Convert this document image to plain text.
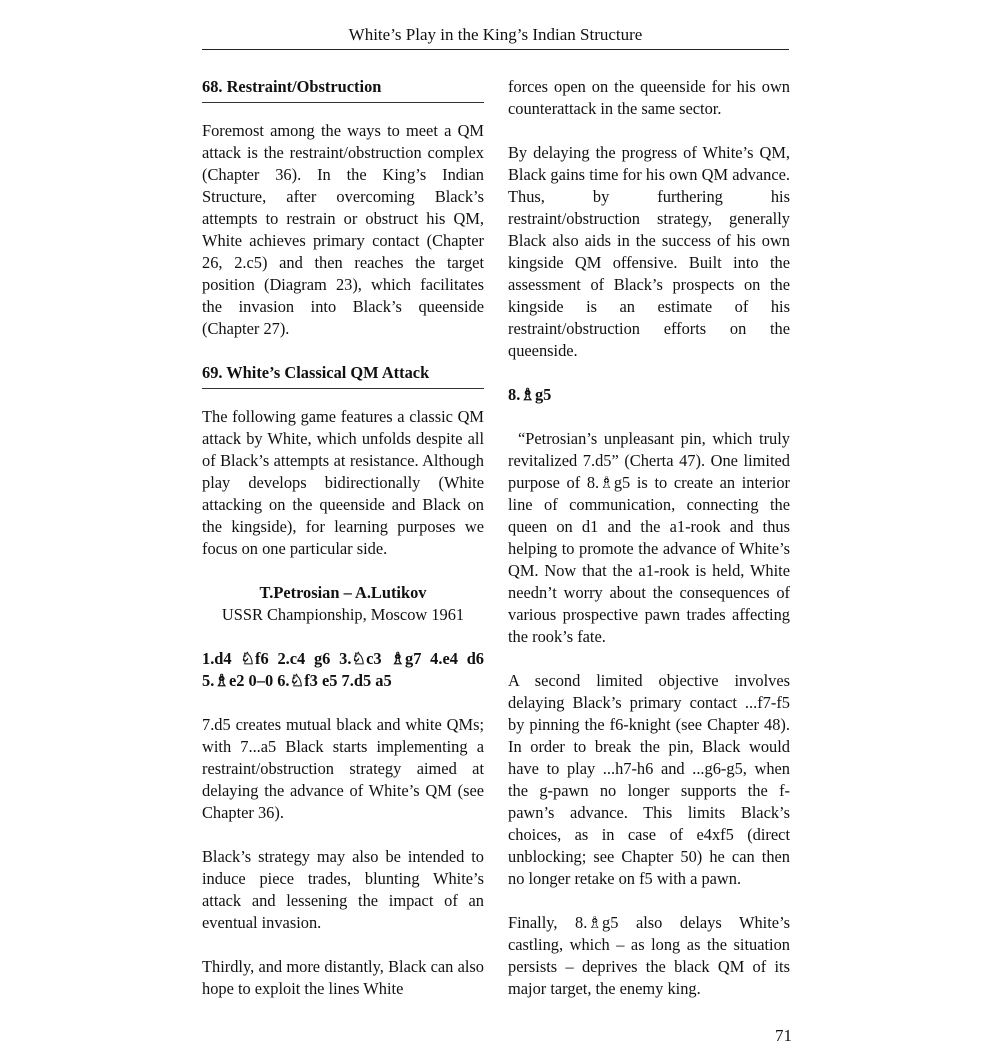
White’s Play in the King’s Indian Structure
68. Restraint/Obstruction

Foremost among the ways to meet a QM attack is the restraint/obstruction complex (Chapter 36). In the King’s Indian Structure, after overcoming Black’s attempts to restrain or obstruct his QM, White achieves primary contact (Chapter 26, 2.c5) and then reaches the target position (Diagram 23), which facilitates the invasion into Black’s queenside (Chapter 27).

69. White’s Classical QM Attack

The following game features a classic QM attack by White, which unfolds despite all of Black’s attempts at resistance. Although play develops bidirectionally (White attacking on the queenside and Black on the kingside), for learning purposes we focus on one particular side.

T.Petrosian – A.Lutikov
USSR Championship, Moscow 1961

1.d4 ♘f6 2.c4 g6 3.♘c3 ♗g7 4.e4 d6 5.♗e2 0–0 6.♘f3 e5 7.d5 a5

7.d5 creates mutual black and white QMs; with 7...a5 Black starts implementing a restraint/obstruction strategy aimed at delaying the advance of White’s QM (see Chapter 36).

Black’s strategy may also be intended to induce piece trades, blunting White’s attack and lessening the impact of an eventual invasion.

Thirdly, and more distantly, Black can also hope to exploit the lines White

forces open on the queenside for his own counterattack in the same sector.

By delaying the progress of White’s QM, Black gains time for his own QM advance. Thus, by furthering his restraint/obstruction strategy, generally Black also aids in the success of his own kingside QM offensive. Built into the assessment of Black’s prospects on the kingside is an estimate of his restraint/obstruction efforts on the queenside.

8.♗g5

“Petrosian’s unpleasant pin, which truly revitalized 7.d5” (Cherta 47). One limited purpose of 8.♗g5 is to create an interior line of communication, connecting the queen on d1 and the a1-rook and thus helping to promote the advance of White’s QM. Now that the a1-rook is held, White needn’t worry about the consequences of various prospective pawn trades affecting the rook’s fate.

A second limited objective involves delaying Black’s primary contact ...f7-f5 by pinning the f6-knight (see Chapter 48). In order to break the pin, Black would have to play ...h7-h6 and ...g6-g5, when the g-pawn no longer supports the f-pawn’s advance. This limits Black’s choices, as in case of e4xf5 (direct unblocking; see Chapter 50) he can then no longer retake on f5 with a pawn.

Finally, 8.♗g5 also delays White’s castling, which – as long as the situation persists – deprives the black QM of its major target, the enemy king.

71
